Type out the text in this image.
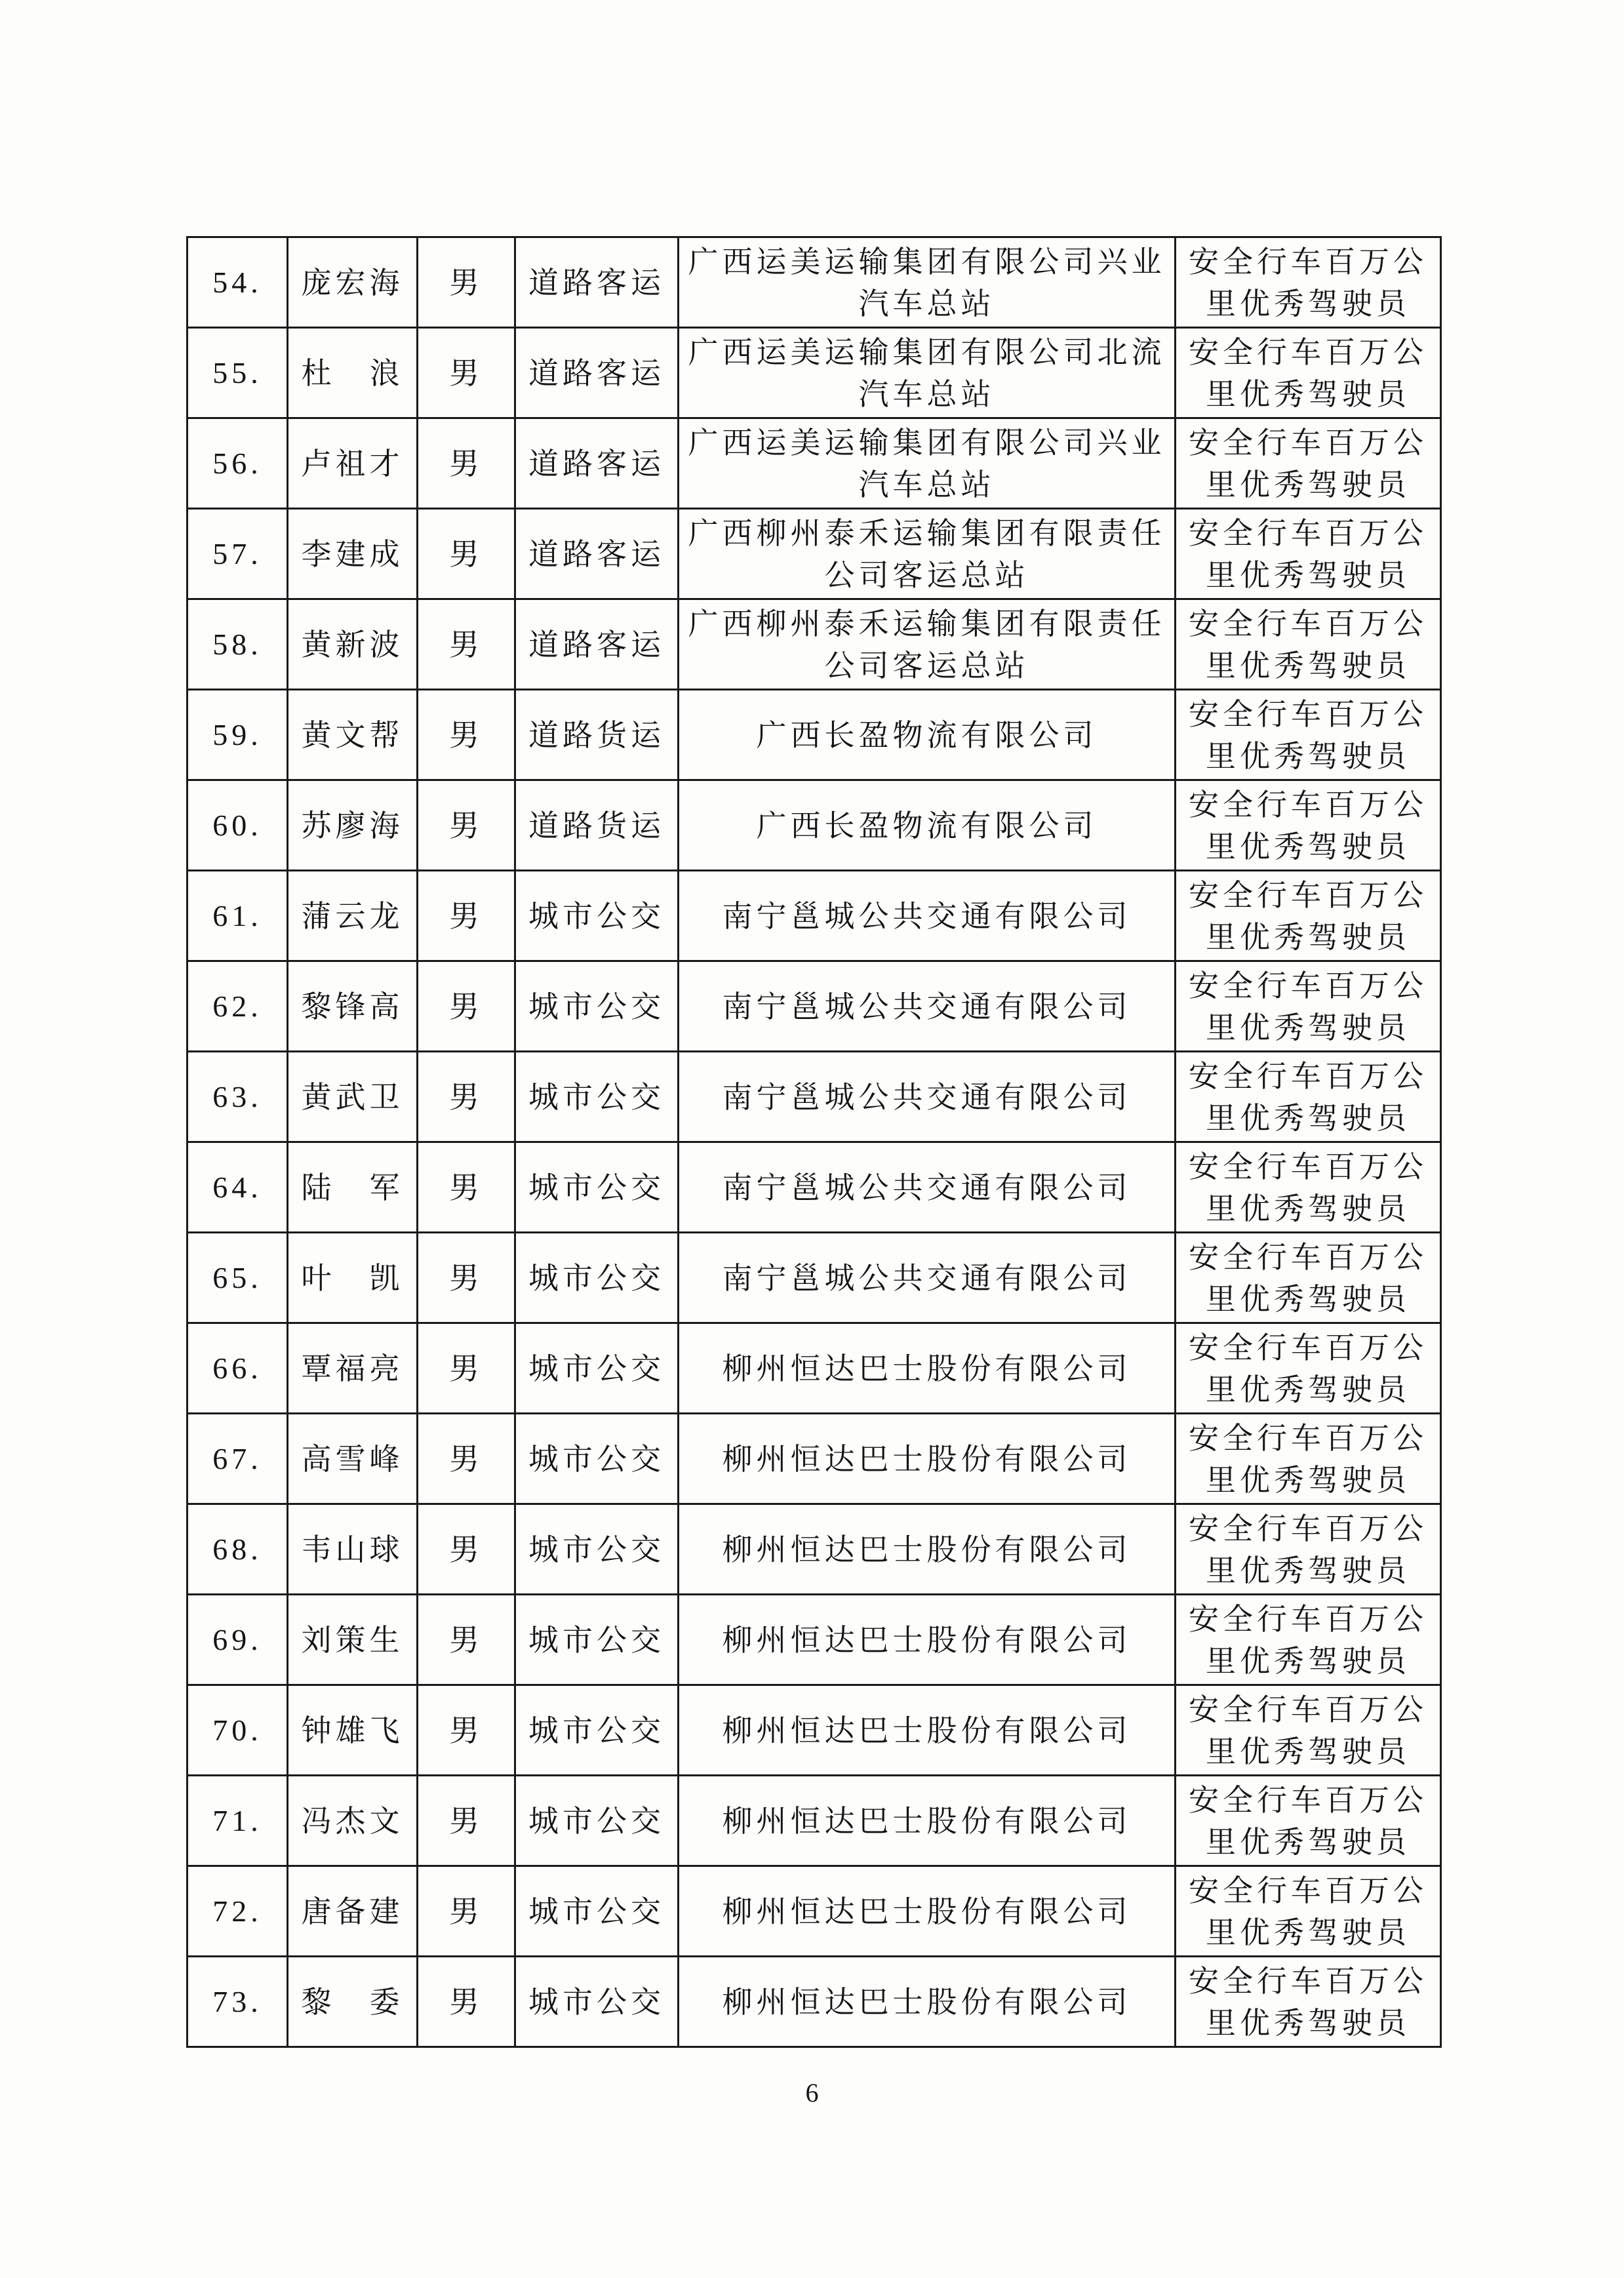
54.	庞宏海	男	道路客运	广西运美运输集团有限公司兴业汽车总站	安全行车百万公里优秀驾驶员
55.	杜　浪	男	道路客运	广西运美运输集团有限公司北流汽车总站	安全行车百万公里优秀驾驶员
56.	卢祖才	男	道路客运	广西运美运输集团有限公司兴业汽车总站	安全行车百万公里优秀驾驶员
57.	李建成	男	道路客运	广西柳州泰禾运输集团有限责任公司客运总站	安全行车百万公里优秀驾驶员
58.	黄新波	男	道路客运	广西柳州泰禾运输集团有限责任公司客运总站	安全行车百万公里优秀驾驶员
59.	黄文帮	男	道路货运	广西长盈物流有限公司	安全行车百万公里优秀驾驶员
60.	苏廖海	男	道路货运	广西长盈物流有限公司	安全行车百万公里优秀驾驶员
61.	蒲云龙	男	城市公交	南宁邕城公共交通有限公司	安全行车百万公里优秀驾驶员
62.	黎锋高	男	城市公交	南宁邕城公共交通有限公司	安全行车百万公里优秀驾驶员
63.	黄武卫	男	城市公交	南宁邕城公共交通有限公司	安全行车百万公里优秀驾驶员
64.	陆　军	男	城市公交	南宁邕城公共交通有限公司	安全行车百万公里优秀驾驶员
65.	叶　凯	男	城市公交	南宁邕城公共交通有限公司	安全行车百万公里优秀驾驶员
66.	覃福亮	男	城市公交	柳州恒达巴士股份有限公司	安全行车百万公里优秀驾驶员
67.	高雪峰	男	城市公交	柳州恒达巴士股份有限公司	安全行车百万公里优秀驾驶员
68.	韦山球	男	城市公交	柳州恒达巴士股份有限公司	安全行车百万公里优秀驾驶员
69.	刘策生	男	城市公交	柳州恒达巴士股份有限公司	安全行车百万公里优秀驾驶员
70.	钟雄飞	男	城市公交	柳州恒达巴士股份有限公司	安全行车百万公里优秀驾驶员
71.	冯杰文	男	城市公交	柳州恒达巴士股份有限公司	安全行车百万公里优秀驾驶员
72.	唐备建	男	城市公交	柳州恒达巴士股份有限公司	安全行车百万公里优秀驾驶员
73.	黎　委	男	城市公交	柳州恒达巴士股份有限公司	安全行车百万公里优秀驾驶员
6
